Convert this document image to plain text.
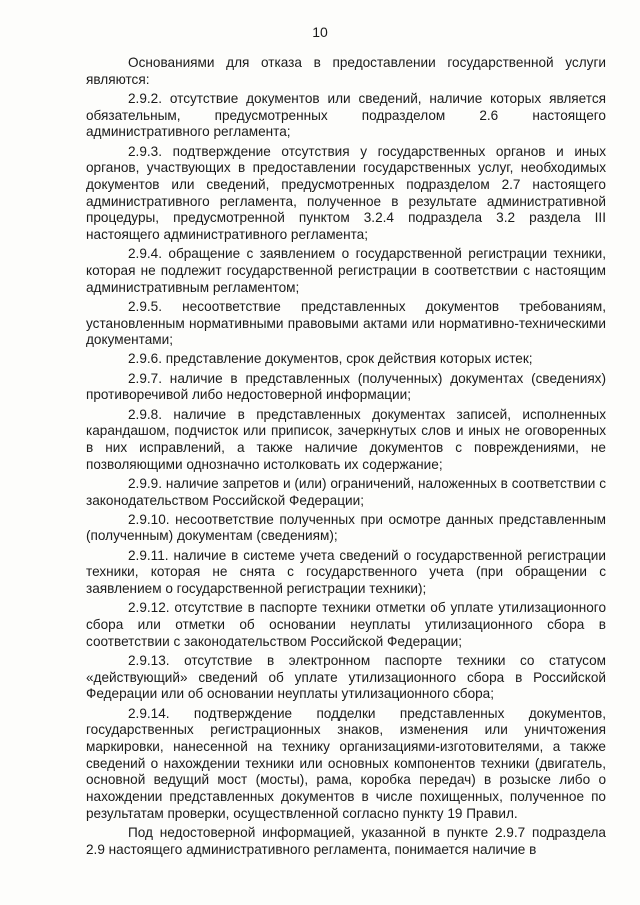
10

Основаниями для отказа в предоставлении государственной услуги являются:

2.9.2. отсутствие документов или сведений, наличие которых является обязательным, предусмотренных подразделом 2.6 настоящего административного регламента;

2.9.3. подтверждение отсутствия у государственных органов и иных органов, участвующих в предоставлении государственных услуг, необходимых документов или сведений, предусмотренных подразделом 2.7 настоящего административного регламента, полученное в результате административной процедуры, предусмотренной пунктом 3.2.4 подраздела 3.2 раздела III настоящего административного регламента;

2.9.4. обращение с заявлением о государственной регистрации техники, которая не подлежит государственной регистрации в соответствии с настоящим административным регламентом;

2.9.5. несоответствие представленных документов требованиям, установленным нормативными правовыми актами или нормативно-техническими документами;

2.9.6. представление документов, срок действия которых истек;

2.9.7. наличие в представленных (полученных) документах (сведениях) противоречивой либо недостоверной информации;

2.9.8. наличие в представленных документах записей, исполненных карандашом, подчисток или приписок, зачеркнутых слов и иных не оговоренных в них исправлений, а также наличие документов с повреждениями, не позволяющими однозначно истолковать их содержание;

2.9.9. наличие запретов и (или) ограничений, наложенных в соответствии с законодательством Российской Федерации;

2.9.10. несоответствие полученных при осмотре данных представленным (полученным) документам (сведениям);

2.9.11. наличие в системе учета сведений о государственной регистрации техники, которая не снята с государственного учета (при обращении с заявлением о государственной регистрации техники);

2.9.12. отсутствие в паспорте техники отметки об уплате утилизационного сбора или отметки об основании неуплаты утилизационного сбора в соответствии с законодательством Российской Федерации;

2.9.13. отсутствие в электронном паспорте техники со статусом «действующий» сведений об уплате утилизационного сбора в Российской Федерации или об основании неуплаты утилизационного сбора;

2.9.14. подтверждение подделки представленных документов, государственных регистрационных знаков, изменения или уничтожения маркировки, нанесенной на технику организациями-изготовителями, а также сведений о нахождении техники или основных компонентов техники (двигатель, основной ведущий мост (мосты), рама, коробка передач) в розыске либо о нахождении представленных документов в числе похищенных, полученное по результатам проверки, осуществленной согласно пункту 19 Правил.

Под недостоверной информацией, указанной в пункте 2.9.7 подраздела 2.9 настоящего административного регламента, понимается наличие в
